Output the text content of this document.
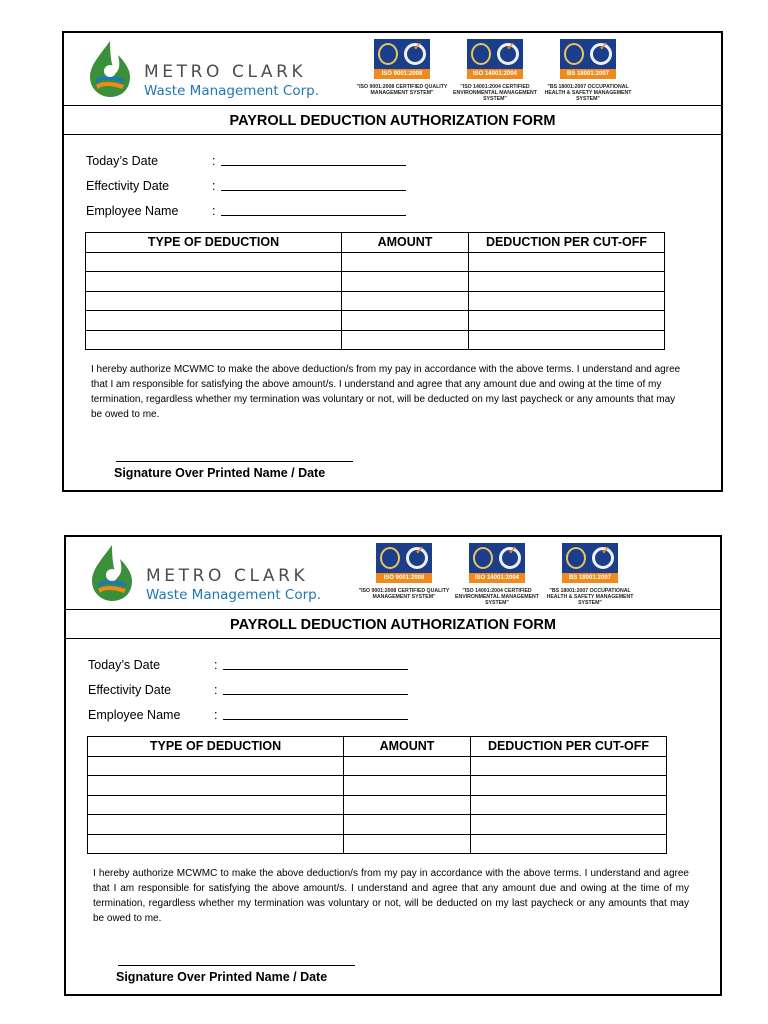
METRO CLARK
Waste Management Corp.
✓
ISO 9001:2008
"ISO 9001:2008 CERTIFIED QUALITY MANAGEMENT SYSTEM"
✓
ISO 14001:2004
"ISO 14001:2004 CERTIFIED ENVIRONMENTAL MANAGEMENT SYSTEM"
✓
BS 18001:2007
"BS 18001:2007 OCCUPATIONAL HEALTH & SAFETY MANAGEMENT SYSTEM"
PAYROLL DEDUCTION AUTHORIZATION FORM
Today’s Date	:
Effectivity Date	:
Employee Name	:
TYPE OF DEDUCTION	AMOUNT	DEDUCTION PER CUT-OFF

I hereby authorize MCWMC to make the above deduction/s from my pay in accordance with the above terms. I understand and agree that I am responsible for satisfying the above amount/s. I understand and agree that any amount due and owing at the time of my termination, regardless whether my termination was voluntary or not, will be deducted on my last paycheck or any amounts that may be owed to me.
Signature Over Printed Name / Date
METRO CLARK
Waste Management Corp.
✓
ISO 9001:2008
"ISO 9001:2008 CERTIFIED QUALITY MANAGEMENT SYSTEM"
✓
ISO 14001:2004
"ISO 14001:2004 CERTIFIED ENVIRONMENTAL MANAGEMENT SYSTEM"
✓
BS 18001:2007
"BS 18001:2007 OCCUPATIONAL HEALTH & SAFETY MANAGEMENT SYSTEM"
PAYROLL DEDUCTION AUTHORIZATION FORM
Today’s Date	:
Effectivity Date	:
Employee Name	:
TYPE OF DEDUCTION	AMOUNT	DEDUCTION PER CUT-OFF

I hereby authorize MCWMC to make the above deduction/s from my pay in accordance with the above terms. I understand and agree that I am responsible for satisfying the above amount/s. I understand and agree that any amount due and owing at the time of my termination, regardless whether my termination was voluntary or not, will be deducted on my last paycheck or any amounts that may be owed to me.
Signature Over Printed Name / Date
